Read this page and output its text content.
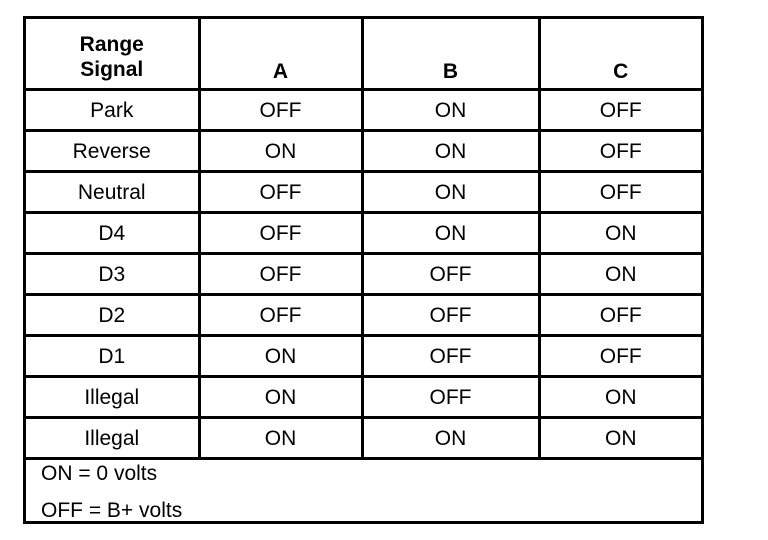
Range
Signal	A	B	C
Park	OFF	ON	OFF
Reverse	ON	ON	OFF
Neutral	OFF	ON	OFF
D4	OFF	ON	ON
D3	OFF	OFF	ON
D2	OFF	OFF	OFF
D1	ON	OFF	OFF
Illegal	ON	OFF	ON
Illegal	ON	ON	ON
ON = 0 volts
OFF = B+ volts
